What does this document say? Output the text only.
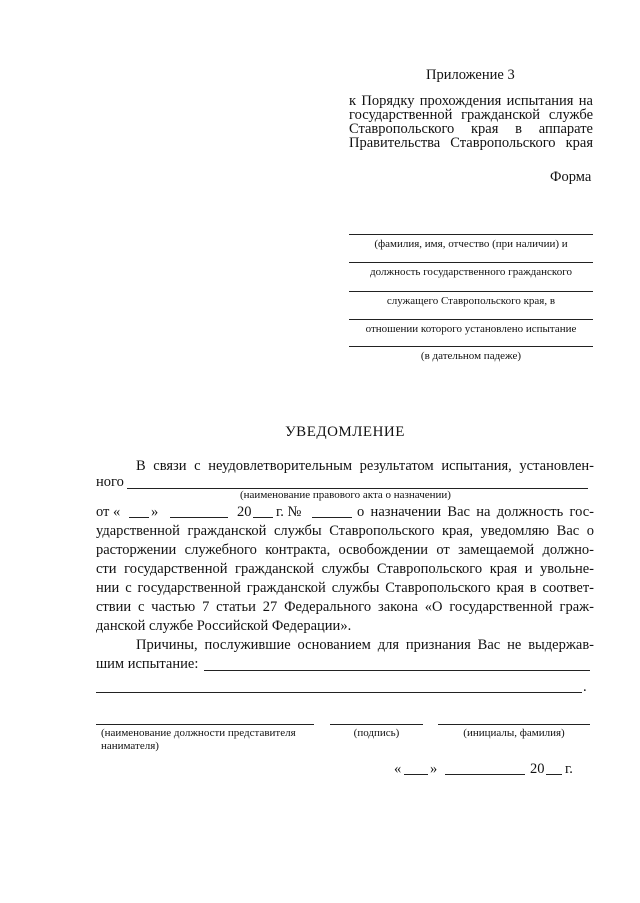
Приложение 3
к Порядку прохождения испытания на
государственной гражданской службе
Ставропольского края в аппарате
Правительства Ставропольского края
Форма
(фамилия, имя, отчество (при наличии) и
должность государственного гражданского
служащего Ставропольского края, в
отношении которого установлено испытание
(в дательном падеже)
УВЕДОМЛЕНИЕ
В связи с неудовлетворительным результатом испытания, установлен-
ного
(наименование правового акта о назначении)
от « »	20 г. №	о назначении Вас на должность гос-
ударственной гражданской службы Ставропольского края, уведомляю Вас о
расторжении служебного контракта, освобождении от замещаемой должно-
сти государственной гражданской службы Ставропольского края и увольне-
нии с государственной гражданской службы Ставропольского края в соответ-
ствии с частью 7 статьи 27 Федерального закона «О государственной граж-
данской службе Российской Федерации».
Причины, послужившие основанием для признания Вас не выдержав-
шим испытание:
.
(наименование должности представителя
нанимателя)
(подпись)	(инициалы, фамилия)
« »	20 г.
